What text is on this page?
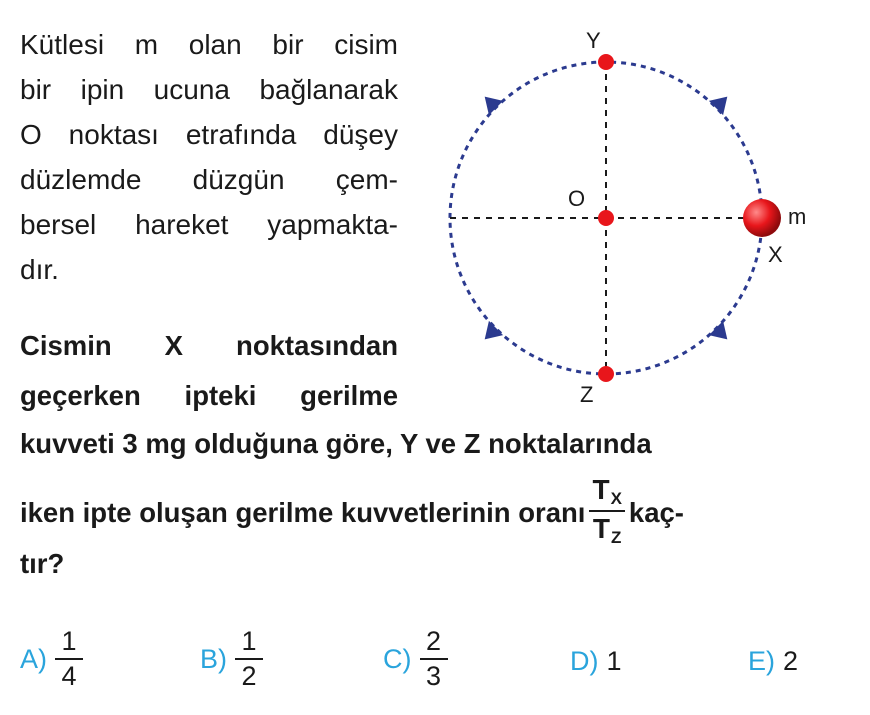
Kütlesi m olan bir cisim
bir ipin ucuna bağlanarak
O noktası etrafında düşey
düzlemde düzgün çem-
bersel hareket yapmakta-
dır.
Cismin X noktasından
geçerken ipteki gerilme
kuvveti 3 mg olduğuna göre, Y ve Z noktalarında
iken ipte oluşan gerilme kuvvetlerinin oranı $\frac{T_X}{T_Z}$ kaç-
tır?
Y
O
Z
X
m
$A) \frac{1}{4}$	$B) \frac{1}{2}$	$C) \frac{2}{3}$	D) 1	E) 2
